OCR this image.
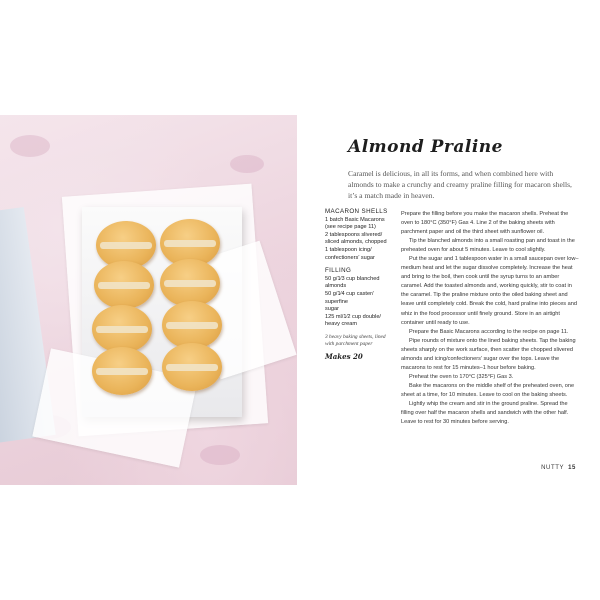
Almond Praline

Caramel is delicious, in all its forms, and when combined here with almonds to make a crunchy and creamy praline filling for macaron shells, it’s a match made in heaven.

MACARON SHELLS

1 batch Basic Macarons (see recipe page 11)
2 tablespoons slivered/ sliced almonds, chopped
1 tablespoon icing/ confectioners’ sugar

FILLING

50 g/1⁄3 cup blanched almonds
50 g/1⁄4 cup caster/ superfine
sugar
125 ml/1⁄2 cup double/ heavy cream

3 heavy baking sheets, lined with parchment paper

Makes 20

Prepare the filling before you make the macaron shells. Preheat the oven to 180°C (350°F) Gas 4. Line 2 of the baking sheets with parchment paper and oil the third sheet with sunflower oil.

Tip the blanched almonds into a small roasting pan and toast in the preheated oven for about 5 minutes. Leave to cool slightly.

Put the sugar and 1 tablespoon water in a small saucepan over low–medium heat and let the sugar dissolve completely. Increase the heat and bring to the boil, then cook until the syrup turns to an amber caramel. Add the toasted almonds and, working quickly, stir to coat in the caramel. Tip the praline mixture onto the oiled baking sheet and leave until completely cold. Break the cold, hard praline into pieces and whiz in the food processor until finely ground. Store in an airtight container until ready to use.

Prepare the Basic Macarons according to the recipe on page 11.

Pipe rounds of mixture onto the lined baking sheets. Tap the baking sheets sharply on the work surface, then scatter the chopped slivered almonds and icing/confectioners’ sugar over the tops. Leave the macarons to rest for 15 minutes–1 hour before baking.

Preheat the oven to 170°C (325°F) Gas 3.

Bake the macarons on the middle shelf of the preheated oven, one sheet at a time, for 10 minutes. Leave to cool on the baking sheets.

Lightly whip the cream and stir in the ground praline. Spread the filling over half the macaron shells and sandwich with the other half. Leave to rest for 30 minutes before serving.

NUTTY 15
